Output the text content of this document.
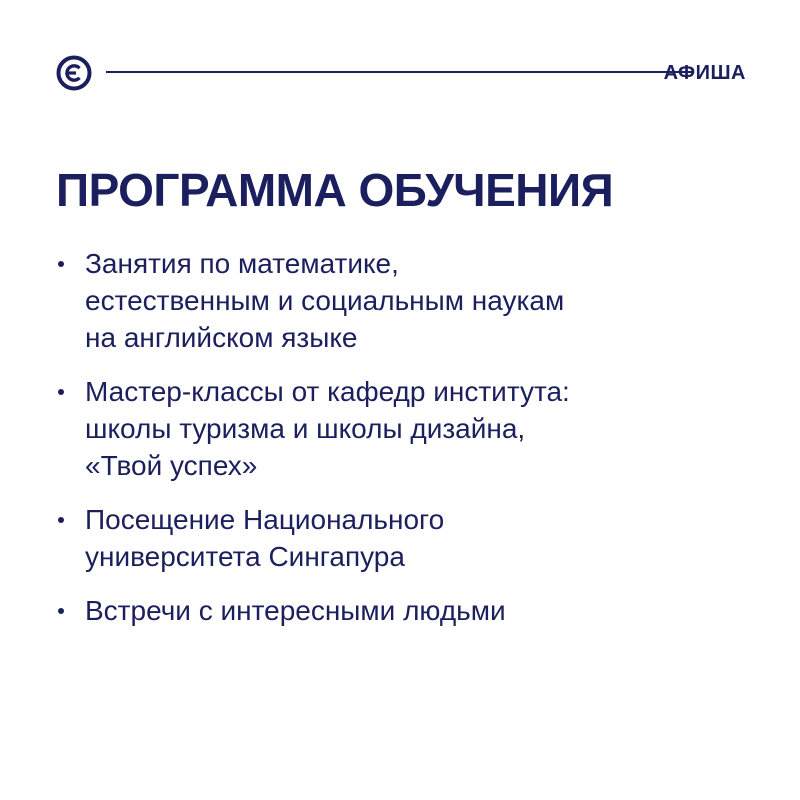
АФИША
ПРОГРАММА ОБУЧЕНИЯ
Занятия по математике,
естественным и социальным наукам
на английском языке
Мастер-классы от кафедр института:
школы туризма и школы дизайна,
«Твой успех»
Посещение Национального
университета Сингапура
Встречи с интересными людьми
